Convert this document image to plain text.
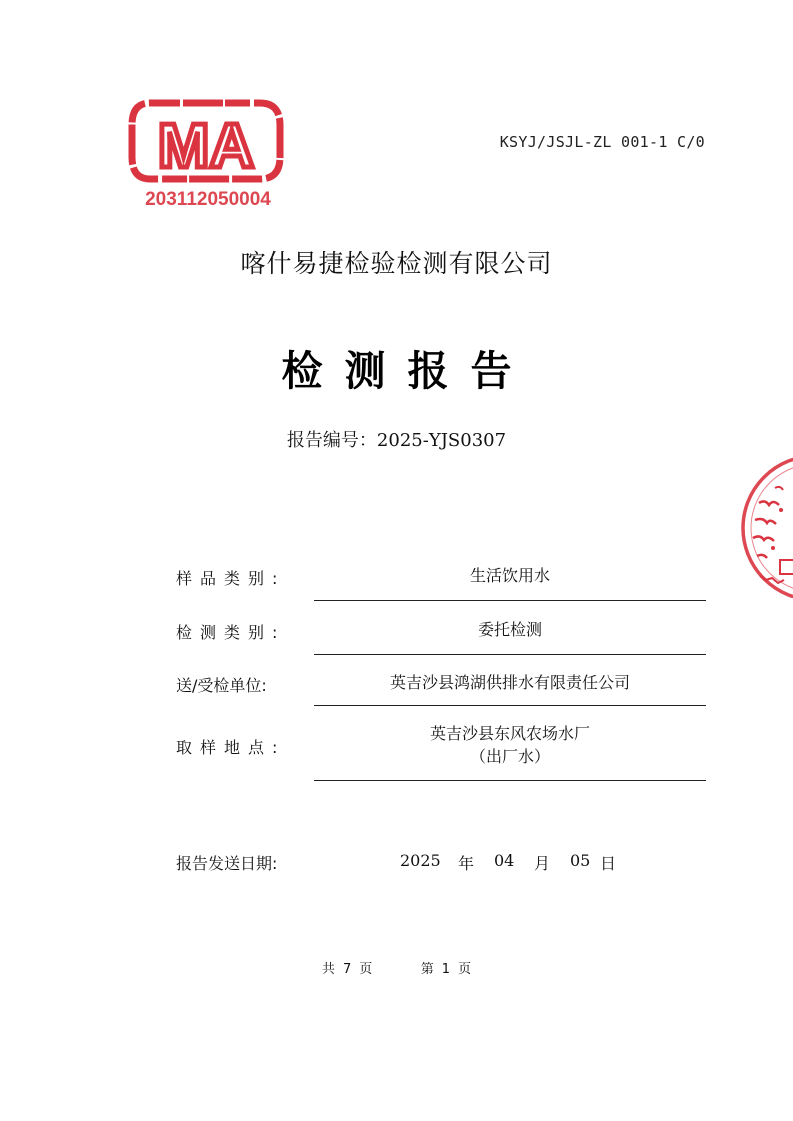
MA
203112050004
KSYJ/JSJL-ZL 001-1 C/0
喀什易捷检验检测有限公司
检测报告
报告编号：2025-YJS0307
样品类别:	生活饮用水
检测类别:	委托检测
送/受检单位:	英吉沙县鸿湖供排水有限责任公司
取样地点:
英吉沙县东风农场水厂
（出厂水）
报告发送日期:	2025 年 04 月 05 日
共 7 页	第 1 页
